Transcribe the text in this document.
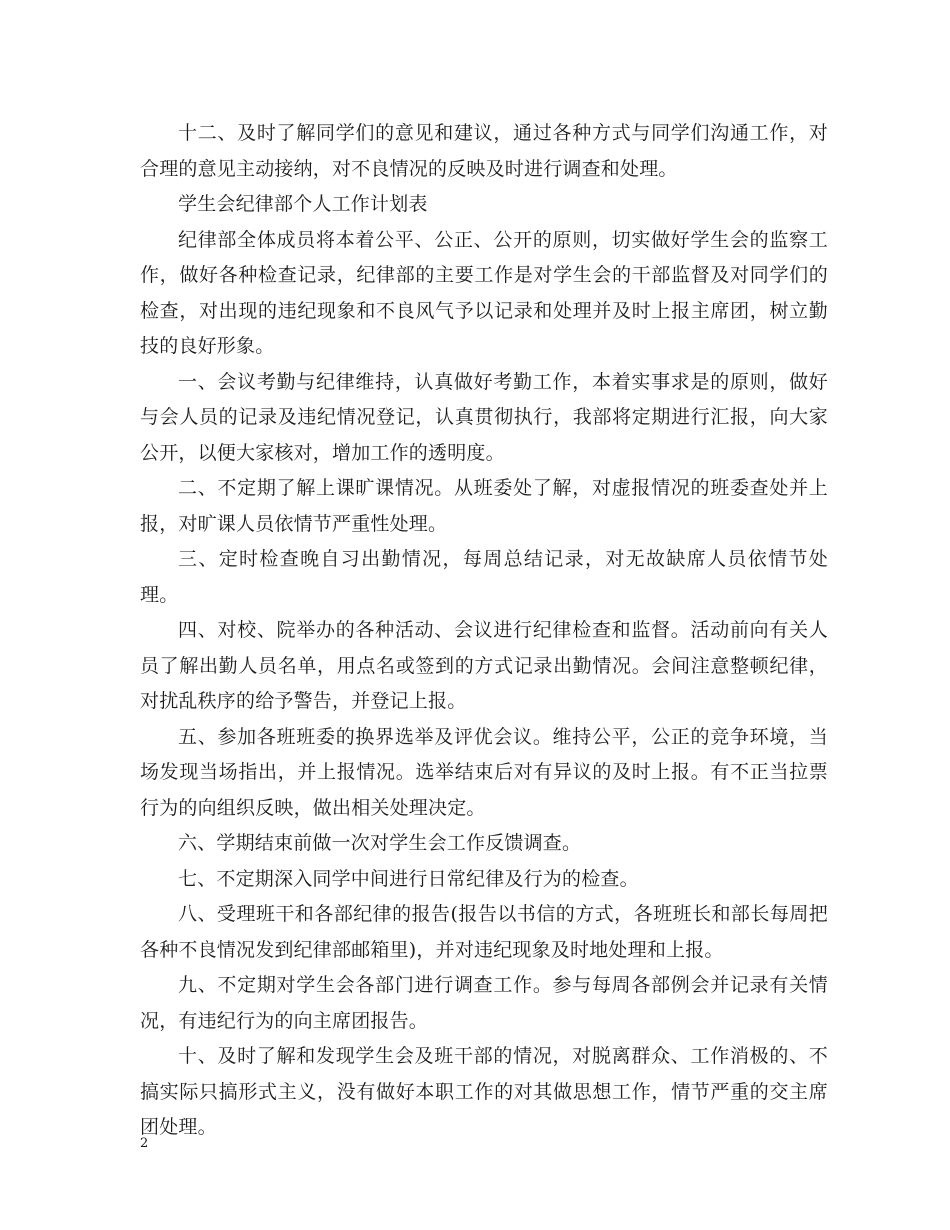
十二、及时了解同学们的意见和建议，通过各种方式与同学们沟通工作，对合理的意见主动接纳，对不良情况的反映及时进行调查和处理。

学生会纪律部个人工作计划表

纪律部全体成员将本着公平、公正、公开的原则，切实做好学生会的监察工作，做好各种检查记录，纪律部的主要工作是对学生会的干部监督及对同学们的检查，对出现的违纪现象和不良风气予以记录和处理并及时上报主席团，树立勤技的良好形象。

一、会议考勤与纪律维持，认真做好考勤工作，本着实事求是的原则，做好与会人员的记录及违纪情况登记，认真贯彻执行，我部将定期进行汇报，向大家公开，以便大家核对，增加工作的透明度。

二、不定期了解上课旷课情况。从班委处了解，对虚报情况的班委查处并上报，对旷课人员依情节严重性处理。

三、定时检查晚自习出勤情况，每周总结记录，对无故缺席人员依情节处理。

四、对校、院举办的各种活动、会议进行纪律检查和监督。活动前向有关人员了解出勤人员名单，用点名或签到的方式记录出勤情况。会间注意整顿纪律，对扰乱秩序的给予警告，并登记上报。

五、参加各班班委的换界选举及评优会议。维持公平，公正的竞争环境，当场发现当场指出，并上报情况。选举结束后对有异议的及时上报。有不正当拉票行为的向组织反映，做出相关处理决定。

六、学期结束前做一次对学生会工作反馈调查。

七、不定期深入同学中间进行日常纪律及行为的检查。

八、受理班干和各部纪律的报告(报告以书信的方式，各班班长和部长每周把各种不良情况发到纪律部邮箱里)，并对违纪现象及时地处理和上报。

九、不定期对学生会各部门进行调查工作。参与每周各部例会并记录有关情况，有违纪行为的向主席团报告。

十、及时了解和发现学生会及班干部的情况，对脱离群众、工作消极的、不搞实际只搞形式主义，没有做好本职工作的对其做思想工作，情节严重的交主席团处理。

2
